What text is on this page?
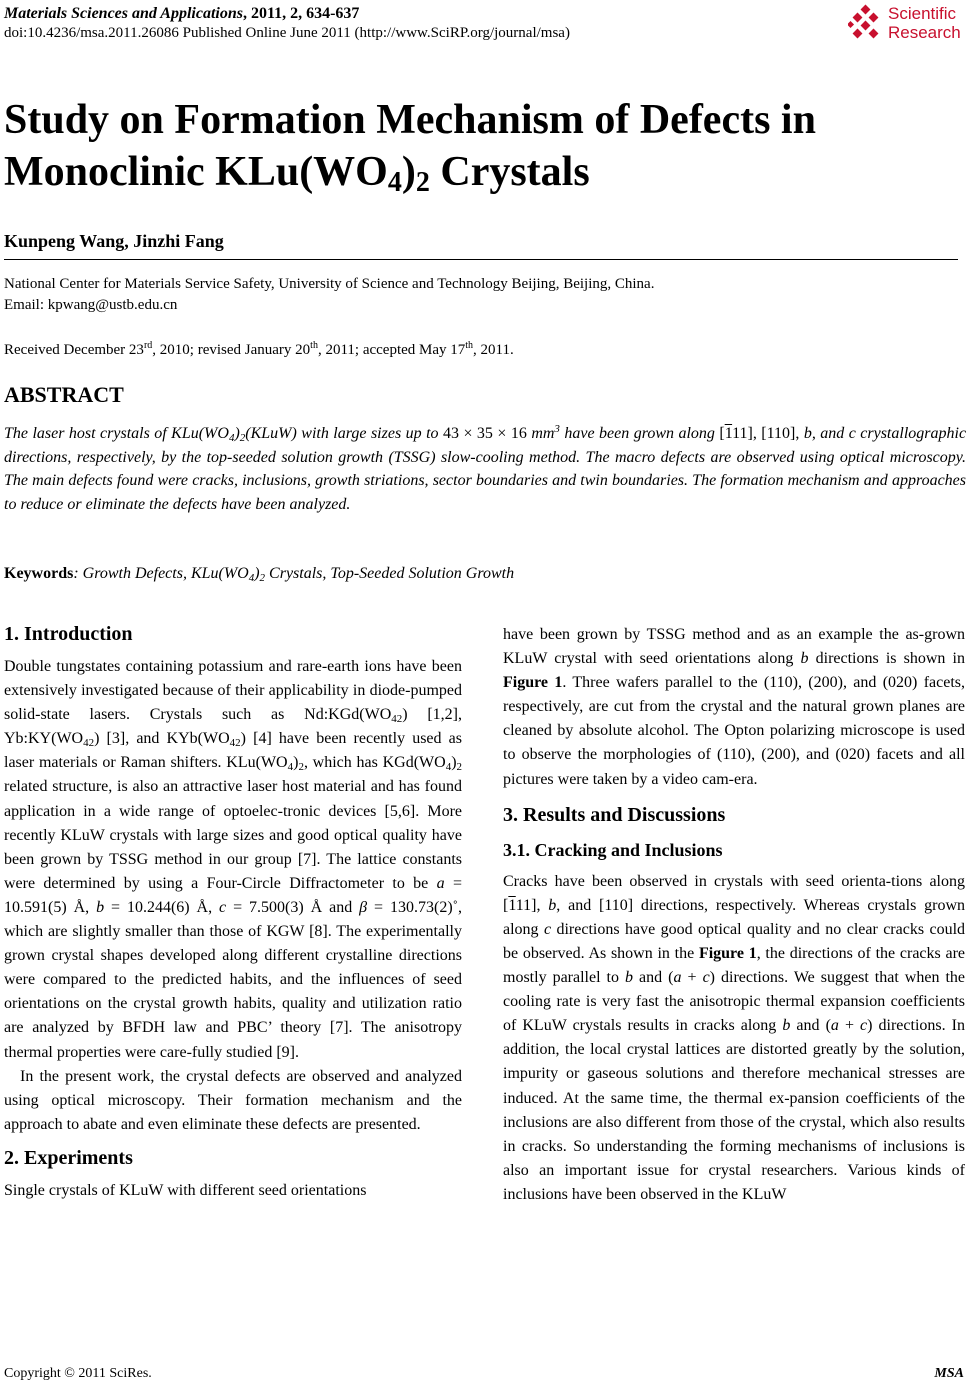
Materials Sciences and Applications, 2011, 2, 634-637
doi:10.4236/msa.2011.26086 Published Online June 2011 (http://www.SciRP.org/journal/msa)
Scientific
Research
Study on Formation Mechanism of Defects in
Monoclinic $KLu(WO_4)_2$ Crystals
Kunpeng Wang, Jinzhi Fang
National Center for Materials Service Safety, University of Science and Technology Beijing, Beijing, China.
Email: kpwang@ustb.edu.cn
Received December 23rd, 2010; revised January 20th, 2011; accepted May 17th, 2011.
ABSTRACT
The laser host crystals of $KLu(WO_4)_2(KLuW)$ with large sizes up to 43 × 35 × 16 $mm^3$ have been grown along [111], [110], b, and c crystallographic directions, respectively, by the top-seeded solution growth (TSSG) slow-cooling method. The macro defects are observed using optical microscopy. The main defects found were cracks, inclusions, growth striations, sector boundaries and twin boundaries. The formation mechanism and approaches to reduce or eliminate the defects have been analyzed.
Keywords: Growth Defects, $KLu(WO_4)_2$ Crystals, Top-Seeded Solution Growth
1. Introduction

Double tungstates containing potassium and rare-earth ions have been extensively investigated because of their applicability in diode-pumped solid-state lasers. Crystals such as $Nd:KGd(WO_{42})$ [1,2], $Yb:KY(WO_{42})$ [3], and $KYb(WO_{42})$ [4] have been recently used as laser materials or Raman shifters. $KLu(WO_4)_2$, which has $KGd(WO_4)_2$ related structure, is also an attractive laser host material and has found application in a wide range of optoelec-tronic devices [5,6]. More recently KLuW crystals with large sizes and good optical quality have been grown by TSSG method in our group [7]. The lattice constants were determined by using a Four-Circle Diffractometer to be a = 10.591(5) Å, b = 10.244(6) Å, c = 7.500(3) Å and β = 130.73(2)˚, which are slightly smaller than those of KGW [8]. The experimentally grown crystal shapes developed along different crystalline directions were compared to the predicted habits, and the influences of seed orientations on the crystal growth habits, quality and utilization ratio are analyzed by BFDH law and PBC’ theory [7]. The anisotropy thermal properties were care-fully studied [9].

In the present work, the crystal defects are observed and analyzed using optical microscopy. Their formation mechanism and the approach to abate and even eliminate these defects are presented.

2. Experiments

Single crystals of KLuW with different seed orientations

have been grown by TSSG method and as an example the as-grown KLuW crystal with seed orientations along b directions is shown in Figure 1. Three wafers parallel to the (110), (200), and (020) facets, respectively, are cut from the crystal and the natural grown planes are cleaned by absolute alcohol. The Opton polarizing microscope is used to observe the morphologies of (110), (200), and (020) facets and all pictures were taken by a video cam-era.

3. Results and Discussions
3.1. Cracking and Inclusions

Cracks have been observed in crystals with seed orienta-tions along [111], b, and [110] directions, respectively. Whereas crystals grown along c directions have good optical quality and no clear cracks could be observed. As shown in the Figure 1, the directions of the cracks are mostly parallel to b and (a + c) directions. We suggest that when the cooling rate is very fast the anisotropic thermal expansion coefficients of KLuW crystals results in cracks along b and (a + c) directions. In addition, the local crystal lattices are distorted greatly by the solution, impurity or gaseous solutions and therefore mechanical stresses are induced. At the same time, the thermal ex-pansion coefficients of the inclusions are also different from those of the crystal, which also results in cracks. So understanding the forming mechanisms of inclusions is also an important issue for crystal researchers. Various kinds of inclusions have been observed in the KLuW

Copyright © 2011 SciRes.	MSA
